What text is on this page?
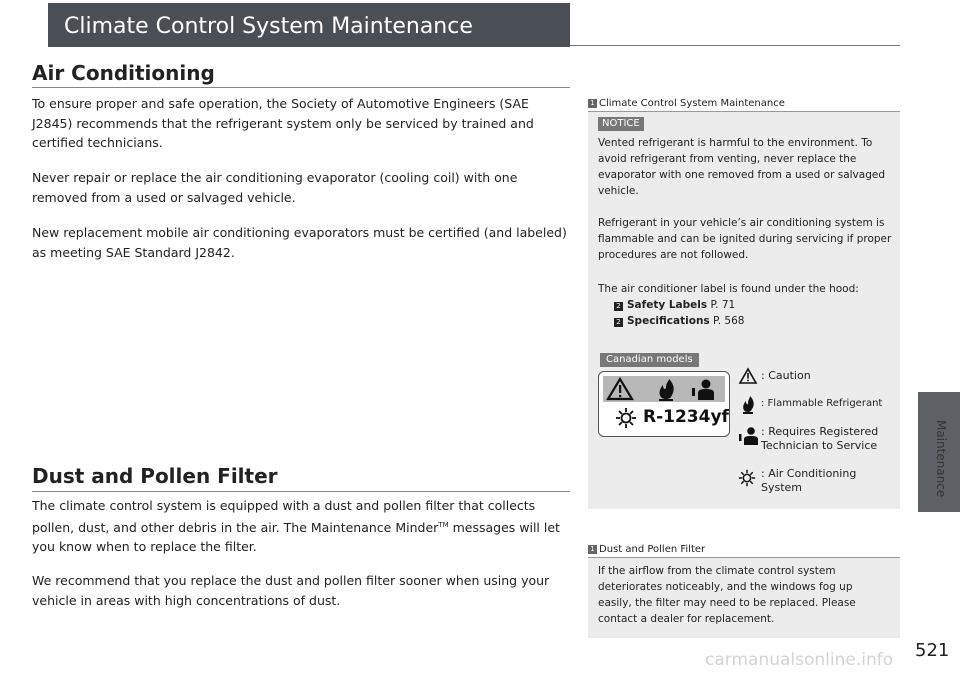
Climate Control System Maintenance
Maintenance
Air Conditioning

To ensure proper and safe operation, the Society of Automotive Engineers (SAE J2845) recommends that the refrigerant system only be serviced by trained and certified technicians.

Never repair or replace the air conditioning evaporator (cooling coil) with one removed from a used or salvaged vehicle.

New replacement mobile air conditioning evaporators must be certified (and labeled) as meeting SAE Standard J2842.

Dust and Pollen Filter

The climate control system is equipped with a dust and pollen filter that collects pollen, dust, and other debris in the air. The Maintenance Minder™ messages will let you know when to replace the filter.

We recommend that you replace the dust and pollen filter sooner when using your vehicle in areas with high concentrations of dust.

1 Climate Control System Maintenance
NOTICE

Vented refrigerant is harmful to the environment. To avoid refrigerant from venting, never replace the evaporator with one removed from a used or salvaged vehicle.

Refrigerant in your vehicle’s air conditioning system is flammable and can be ignited during servicing if proper procedures are not followed.

The air conditioner label is found under the hood:

2 Safety Labels P. 71
2 Specifications P. 568
Canadian models
R-1234yf
: Caution
: Flammable Refrigerant
: Requires Registered Technician to Service
: Air Conditioning System
1 Dust and Pollen Filter

If the airflow from the climate control system deteriorates noticeably, and the windows fog up easily, the filter may need to be replaced. Please contact a dealer for replacement.

521
carmanualsonline.info
